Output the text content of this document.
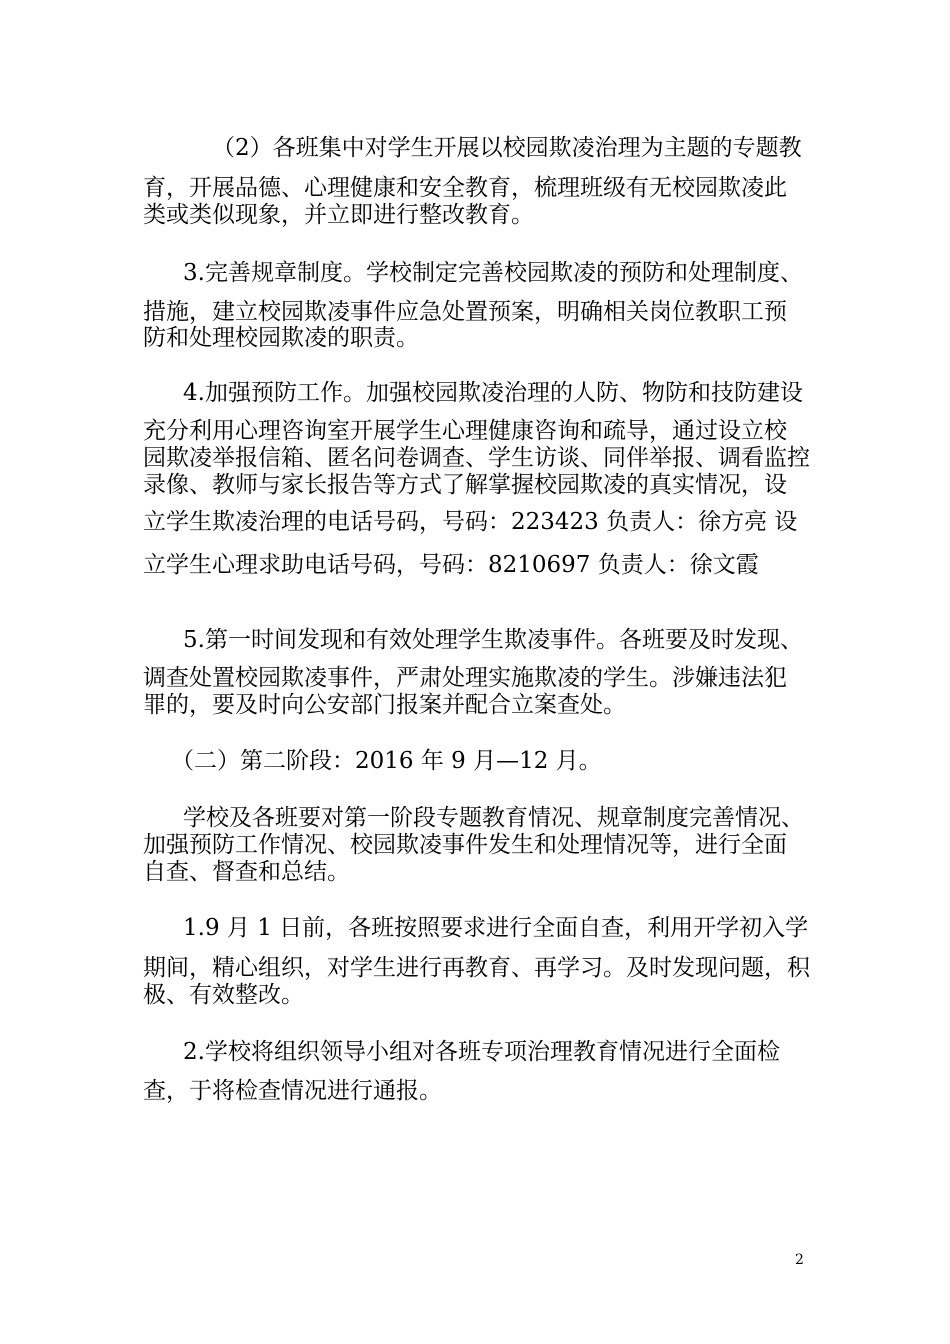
（2）各班集中对学生开展以校园欺凌治理为主题的专题教
育，开展品德、心理健康和安全教育，梳理班级有无校园欺凌此
类或类似现象，并立即进行整改教育。
3.完善规章制度。学校制定完善校园欺凌的预防和处理制度、
措施，建立校园欺凌事件应急处置预案，明确相关岗位教职工预
防和处理校园欺凌的职责。
4.加强预防工作。加强校园欺凌治理的人防、物防和技防建设
充分利用心理咨询室开展学生心理健康咨询和疏导，通过设立校
园欺凌举报信箱、匿名问卷调查、学生访谈、同伴举报、调看监控
录像、教师与家长报告等方式了解掌握校园欺凌的真实情况，设
立学生欺凌治理的电话号码，号码：223423 负责人：徐方亮 设
立学生心理求助电话号码，号码：8210697 负责人：徐文霞
5.第一时间发现和有效处理学生欺凌事件。各班要及时发现、
调查处置校园欺凌事件，严肃处理实施欺凌的学生。涉嫌违法犯
罪的，要及时向公安部门报案并配合立案查处。
（二）第二阶段：2016 年 9 月—12 月。
学校及各班要对第一阶段专题教育情况、规章制度完善情况、
加强预防工作情况、校园欺凌事件发生和处理情况等，进行全面
自查、督查和总结。
1.9 月 1 日前，各班按照要求进行全面自查，利用开学初入学
期间，精心组织，对学生进行再教育、再学习。及时发现问题，积
极、有效整改。
2.学校将组织领导小组对各班专项治理教育情况进行全面检
查，于将检查情况进行通报。
2
